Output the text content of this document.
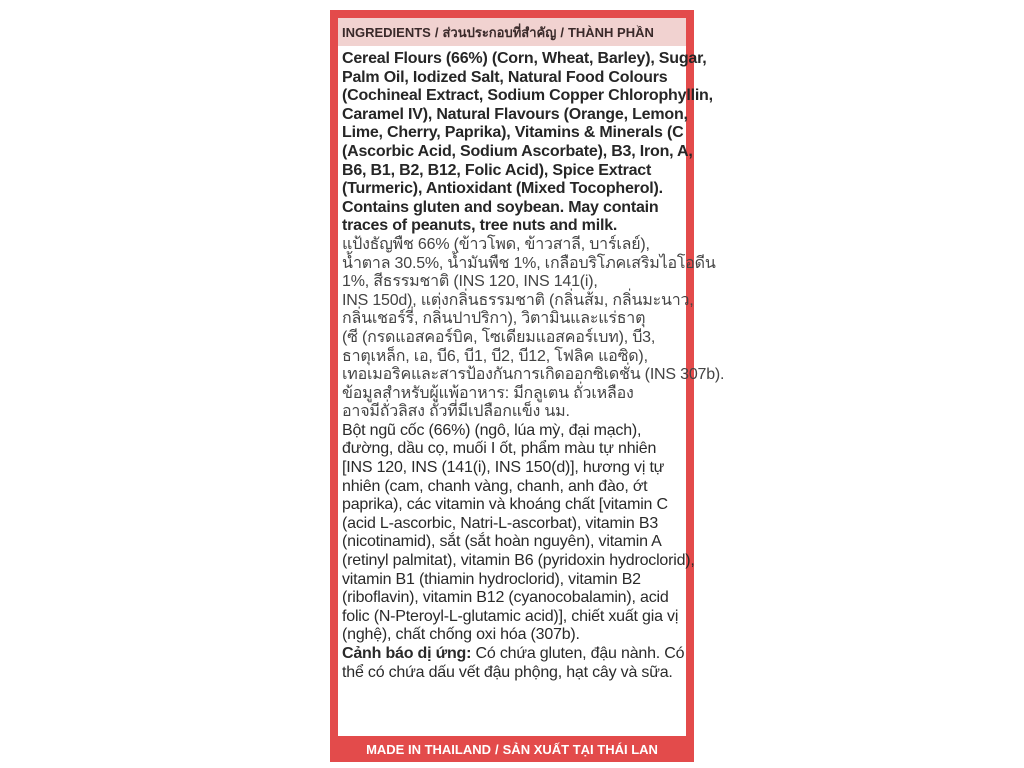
INGREDIENTS / ส่วนประกอบที่สำคัญ / THÀNH PHẦN
Cereal Flours (66%) (Corn, Wheat, Barley), Sugar,
Palm Oil, Iodized Salt, Natural Food Colours
(Cochineal Extract, Sodium Copper Chlorophyllin,
Caramel IV), Natural Flavours (Orange, Lemon,
Lime, Cherry, Paprika), Vitamins & Minerals (C
(Ascorbic Acid, Sodium Ascorbate), B3, Iron, A,
B6, B1, B2, B12, Folic Acid), Spice Extract
(Turmeric), Antioxidant (Mixed Tocopherol).
Contains gluten and soybean. May contain
traces of peanuts, tree nuts and milk.
แป้งธัญพืช 66% (ข้าวโพด, ข้าวสาลี, บาร์เลย์),
น้ำตาล 30.5%, น้ำมันพืช 1%, เกลือบริโภคเสริมไอโอดีน
1%, สีธรรมชาติ (INS 120, INS 141(i),
INS 150d), แต่งกลิ่นธรรมชาติ (กลิ่นส้ม, กลิ่นมะนาว,
กลิ่นเชอร์รี่, กลิ่นปาปริกา), วิตามินและแร่ธาตุ
(ซี (กรดแอสคอร์บิค, โซเดียมแอสคอร์เบท), บี3,
ธาตุเหล็ก, เอ, บี6, บี1, บี2, บี12, โฟลิค แอซิด),
เทอเมอริคและสารป้องกันการเกิดออกซิเดชั่น (INS 307b).
ข้อมูลสำหรับผู้แพ้อาหาร: มีกลูเตน ถั่วเหลือง
อาจมีถั่วลิสง ถั่วที่มีเปลือกแข็ง นม.
Bột ngũ cốc (66%) (ngô, lúa mỳ, đại mạch),
đường, dầu cọ, muối I ốt, phẩm màu tự nhiên
[INS 120, INS (141(i), INS 150(d)], hương vị tự
nhiên (cam, chanh vàng, chanh, anh đào, ớt
paprika), các vitamin và khoáng chất [vitamin C
(acid L-ascorbic, Natri-L-ascorbat), vitamin B3
(nicotinamid), sắt (sắt hoàn nguyên), vitamin A
(retinyl palmitat), vitamin B6 (pyridoxin hydroclorid),
vitamin B1 (thiamin hydroclorid), vitamin B2
(riboflavin), vitamin B12 (cyanocobalamin), acid
folic (N-Pteroyl-L-glutamic acid)], chiết xuất gia vị
(nghệ), chất chống oxi hóa (307b).
Cảnh báo dị ứng: Có chứa gluten, đậu nành. Có
thể có chứa dấu vết đậu phộng, hạt cây và sữa.
MADE IN THAILAND / SẢN XUẤT TẠI THÁI LAN
